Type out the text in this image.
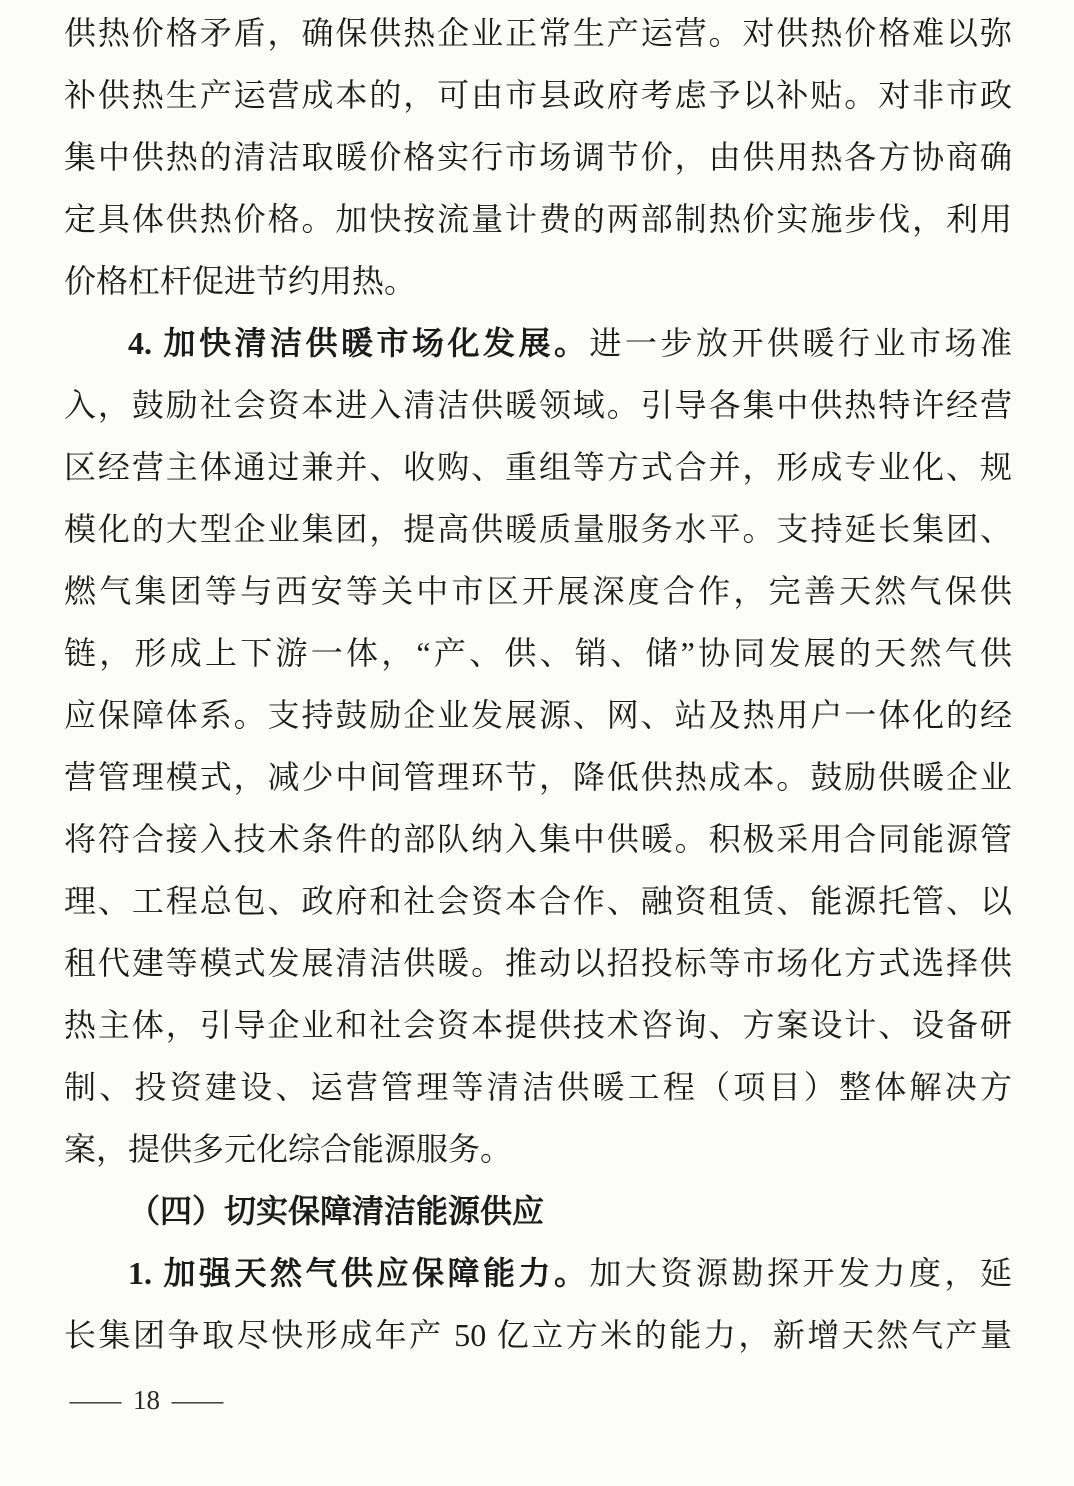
供热价格矛盾，确保供热企业正常生产运营。对供热价格难以弥
补供热生产运营成本的，可由市县政府考虑予以补贴。对非市政
集中供热的清洁取暖价格实行市场调节价，由供用热各方协商确
定具体供热价格。加快按流量计费的两部制热价实施步伐，利用
价格杠杆促进节约用热。
4. 加快清洁供暖市场化发展。进一步放开供暖行业市场准
入，鼓励社会资本进入清洁供暖领域。引导各集中供热特许经营
区经营主体通过兼并、收购、重组等方式合并，形成专业化、规
模化的大型企业集团，提高供暖质量服务水平。支持延长集团、
燃气集团等与西安等关中市区开展深度合作，完善天然气保供
链，形成上下游一体，“产、供、销、储”协同发展的天然气供
应保障体系。支持鼓励企业发展源、网、站及热用户一体化的经
营管理模式，减少中间管理环节，降低供热成本。鼓励供暖企业
将符合接入技术条件的部队纳入集中供暖。积极采用合同能源管
理、工程总包、政府和社会资本合作、融资租赁、能源托管、以
租代建等模式发展清洁供暖。推动以招投标等市场化方式选择供
热主体，引导企业和社会资本提供技术咨询、方案设计、设备研
制、投资建设、运营管理等清洁供暖工程（项目）整体解决方
案，提供多元化综合能源服务。
（四）切实保障清洁能源供应
1. 加强天然气供应保障能力。加大资源勘探开发力度，延
长集团争取尽快形成年产 50 亿立方米的能力，新增天然气产量
— 18 —
